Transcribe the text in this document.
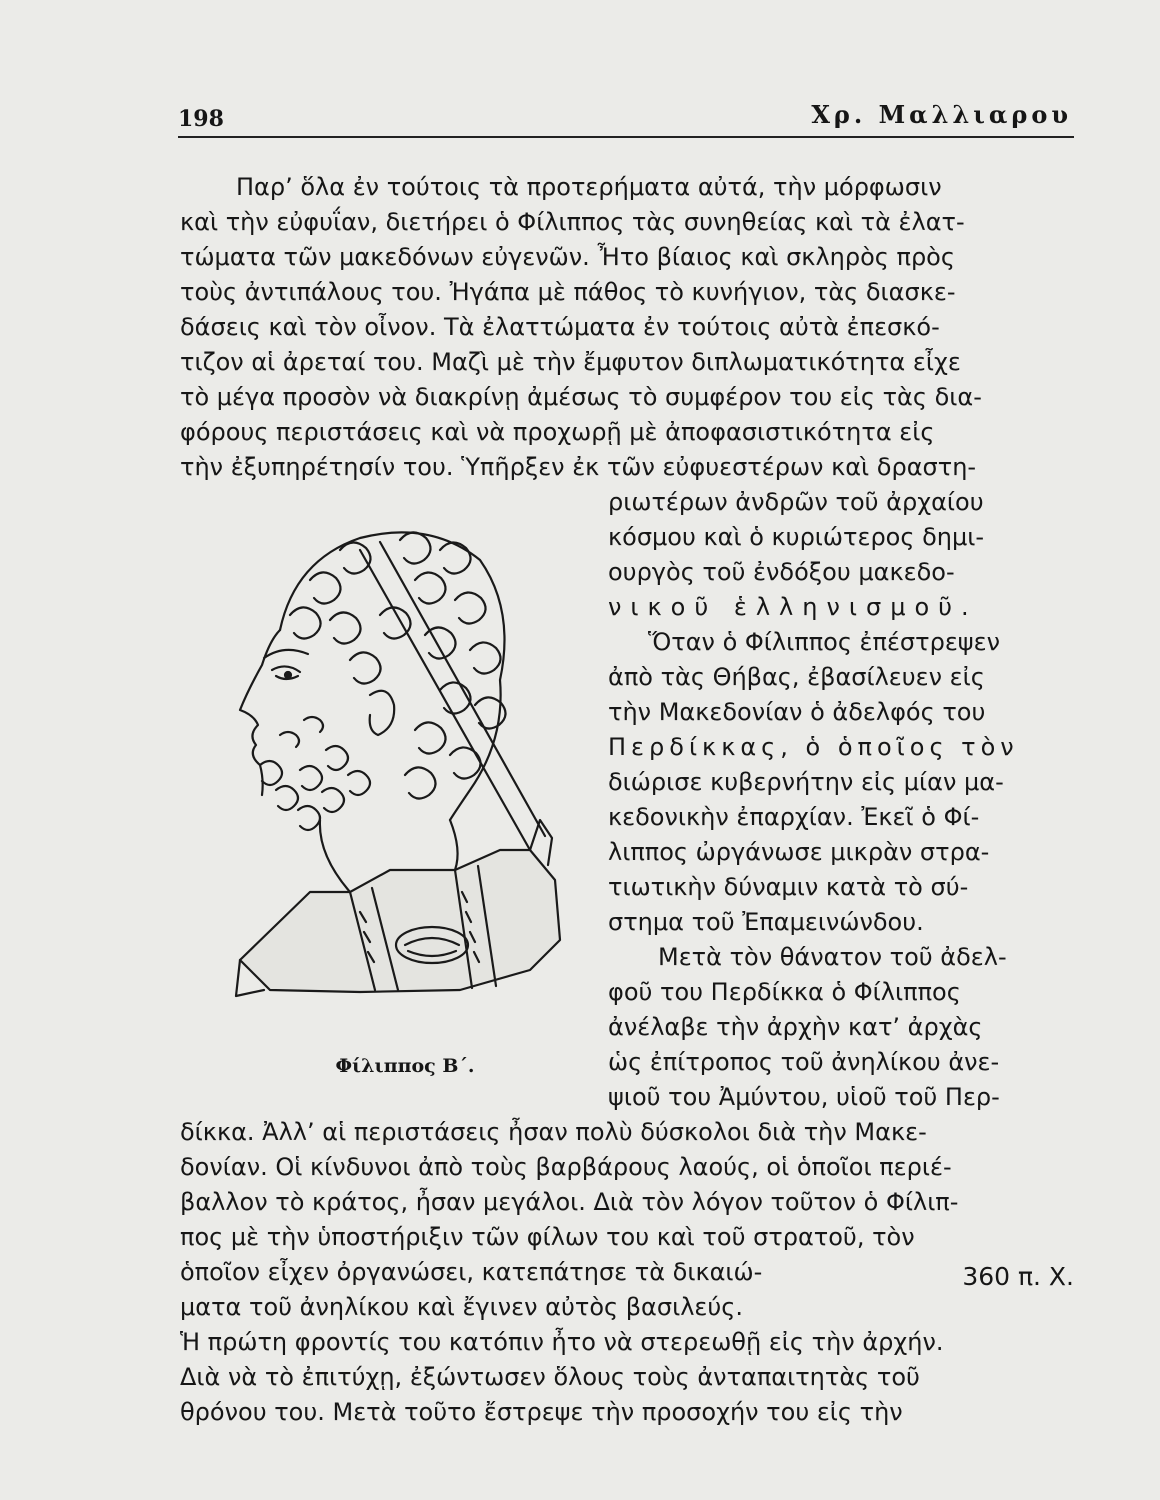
198	Χρ. Μαλλιαρου

Παρ’ ὅλα ἐν τούτοις τὰ προτερήματα αὐτά, τὴν μόρφωσιν

καὶ τὴν εὐφυΐαν, διετήρει ὁ Φίλιππος τὰς συνηθείας καὶ τὰ ἐλατ-

τώματα τῶν μακεδόνων εὐγενῶν. Ἦτο βίαιος καὶ σκληρὸς πρὸς

τοὺς ἀντιπάλους του. Ἠγάπα μὲ πάθος τὸ κυνήγιον, τὰς διασκε-

δάσεις καὶ τὸν οἶνον. Τὰ ἐλαττώματα ἐν τούτοις αὐτὰ ἐπεσκό-

τιζον αἱ ἀρεταί του. Μαζὶ μὲ τὴν ἔμφυτον διπλωματικότητα εἶχε

τὸ μέγα προσὸν νὰ διακρίνῃ ἀμέσως τὸ συμφέρον του εἰς τὰς δια-

φόρους περιστάσεις καὶ νὰ προχωρῇ μὲ ἀποφασιστικότητα εἰς

τὴν ἐξυπηρέτησίν του. Ὑπῆρξεν ἐκ τῶν εὐφυεστέρων καὶ δραστη-

ριωτέρων ἀνδρῶν τοῦ ἀρχαίου

κόσμου καὶ ὁ κυριώτερος δημι-

ουργὸς τοῦ ἐνδόξου μακεδο-

νικοῦ ἑλληνισμοῦ.

Ὅταν ὁ Φίλιππος ἐπέστρεψεν

ἀπὸ τὰς Θήβας, ἐβασίλευεν εἰς

τὴν Μακεδονίαν ὁ ἀδελφός του

Περδίκκας, ὁ ὁποῖος τὸν

διώρισε κυβερνήτην εἰς μίαν μα-

κεδονικὴν ἐπαρχίαν. Ἐκεῖ ὁ Φί-

λιππος ὠργάνωσε μικρὰν στρα-

τιωτικὴν δύναμιν κατὰ τὸ σύ-

στημα τοῦ Ἐπαμεινώνδου.

Μετὰ τὸν θάνατον τοῦ ἀδελ-

φοῦ του Περδίκκα ὁ Φίλιππος

ἀνέλαβε τὴν ἀρχὴν κατ’ ἀρχὰς

ὡς ἐπίτροπος τοῦ ἀνηλίκου ἀνε-

ψιοῦ του Ἀμύντου, υἱοῦ τοῦ Περ-

δίκκα. Ἀλλ’ αἱ περιστάσεις ἦσαν πολὺ δύσκολοι διὰ τὴν Μακε-

δονίαν. Οἱ κίνδυνοι ἀπὸ τοὺς βαρβάρους λαούς, οἱ ὁποῖοι περιέ-

βαλλον τὸ κράτος, ἦσαν μεγάλοι. Διὰ τὸν λόγον τοῦτον ὁ Φίλιπ-

πος μὲ τὴν ὑποστήριξιν τῶν φίλων του καὶ τοῦ στρατοῦ, τὸν

ὁποῖον εἶχεν ὀργανώσει, κατεπάτησε τὰ δικαιώ-

ματα τοῦ ἀνηλίκου καὶ ἔγινεν αὐτὸς βασιλεύς.

Ἡ πρώτη φροντίς του κατόπιν ἦτο νὰ στερεωθῇ εἰς τὴν ἀρχήν.

Διὰ νὰ τὸ ἐπιτύχῃ, ἐξώντωσεν ὅλους τοὺς ἀνταπαιτητὰς τοῦ

θρόνου του. Μετὰ τοῦτο ἔστρεψε τὴν προσοχήν του εἰς τὴν

360 π. Χ.
Φίλιππος Β΄.
